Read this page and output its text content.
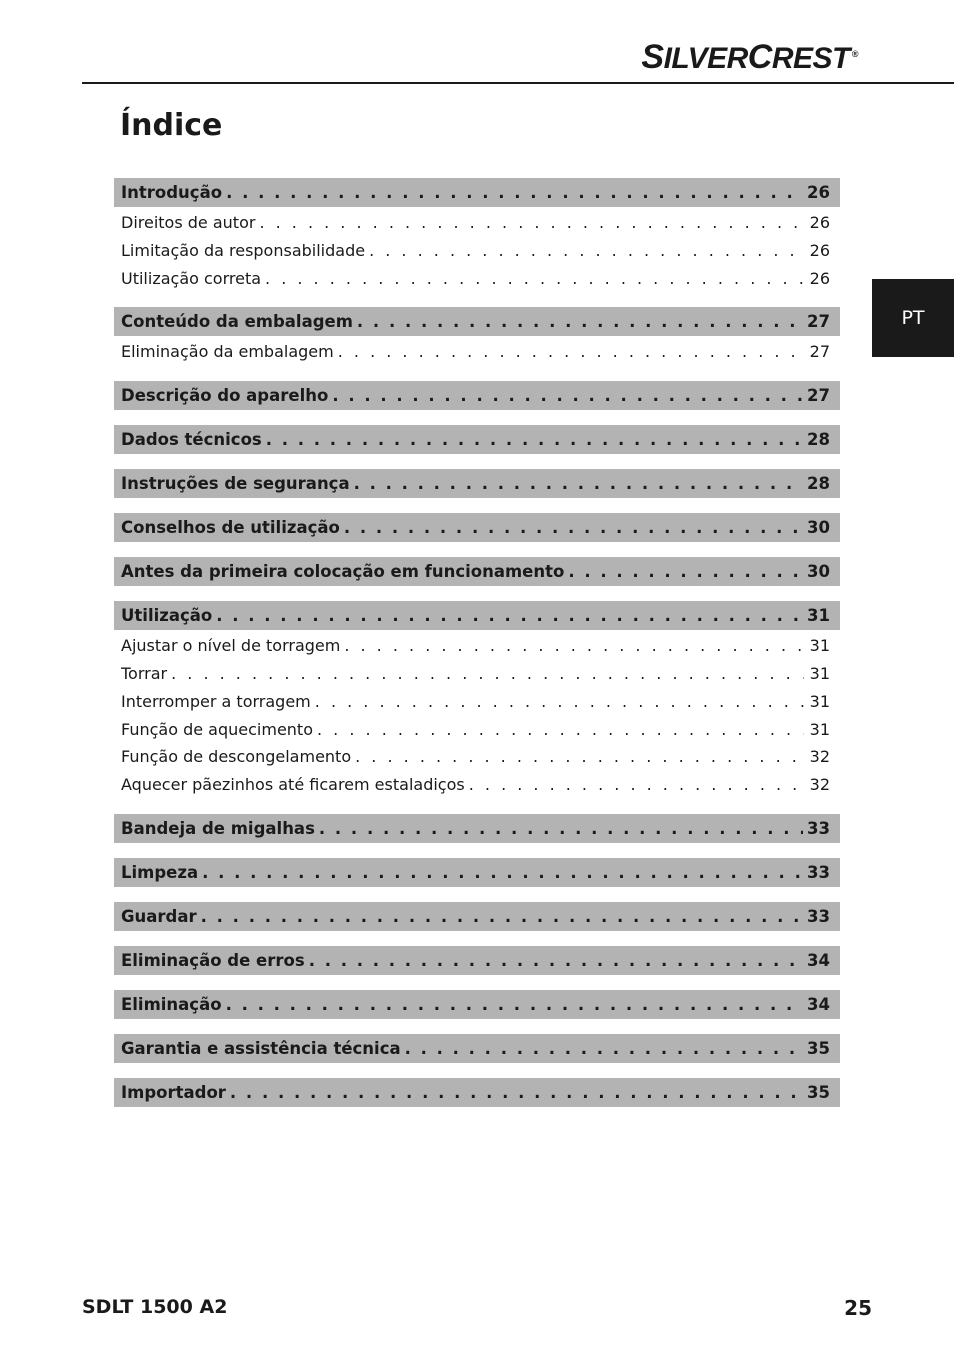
SILVERCREST ®
Índice
PT
Introdução . . .	26
Direitos de autor . . .	26
Limitação da responsabilidade . . .	26
Utilização correta . . .	26
Conteúdo da embalagem . . .	27
Eliminação da embalagem . . .	27
Descrição do aparelho . . .	27
Dados técnicos . . .	28
Instruções de segurança . . .	28
Conselhos de utilização . . .	30
Antes da primeira colocação em funcionamento . . .	30
Utilização . . .	31
Ajustar o nível de torragem . . .	31
Torrar . . .	31
Interromper a torragem . . .	31
Função de aquecimento . . .	31
Função de descongelamento . . .	32
Aquecer pãezinhos até ficarem estaladiços . . .	32
Bandeja de migalhas . . .	33
Limpeza . . .	33
Guardar . . .	33
Eliminação de erros . . .	34
Eliminação . . .	34
Garantia e assistência técnica . . .	35
Importador . . .	35
SDLT 1500 A2	25
